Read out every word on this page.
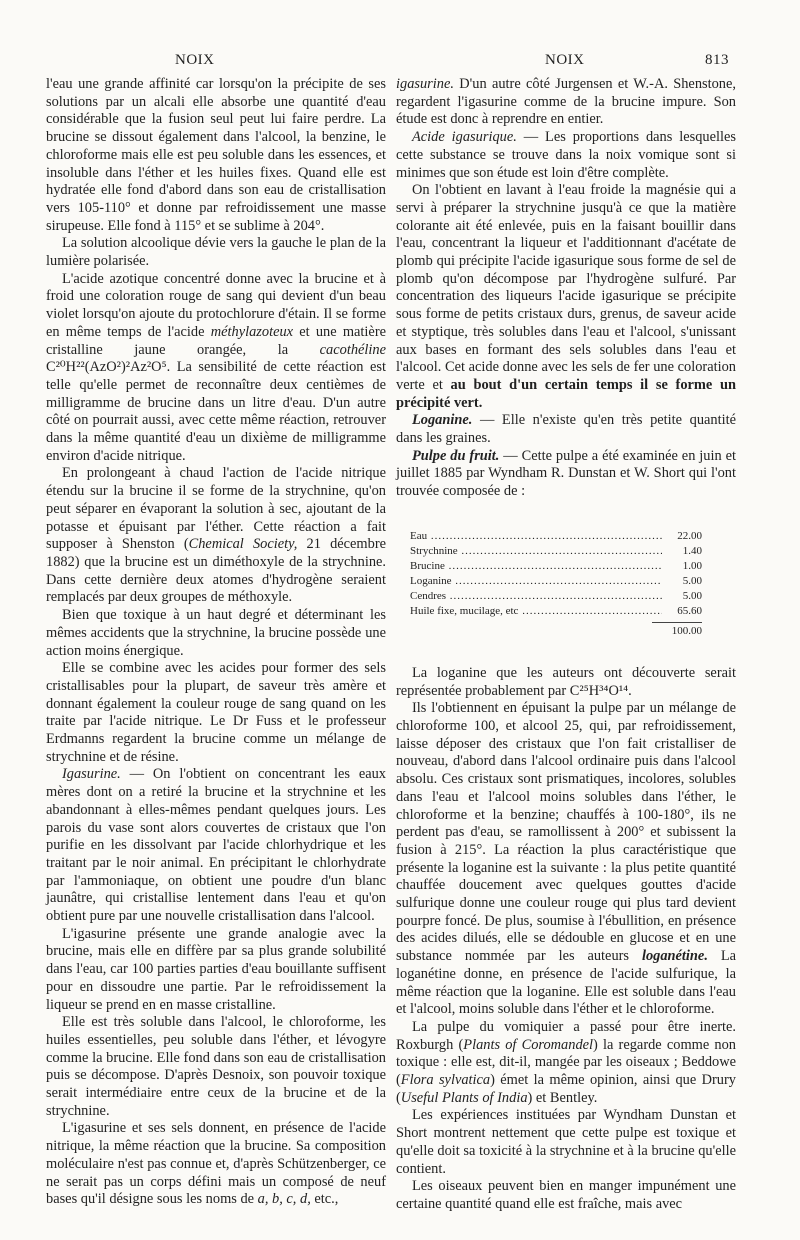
NOIX	NOIX	813

l'eau une grande affinité car lorsqu'on la précipite de ses solutions par un alcali elle absorbe une quantité d'eau considérable que la fusion seul peut lui faire perdre. La brucine se dissout également dans l'alcool, la benzine, le chloroforme mais elle est peu soluble dans les essences, et insoluble dans l'éther et les huiles fixes. Quand elle est hydratée elle fond d'abord dans son eau de cristallisation vers 105-110° et donne par refroidissement une masse sirupeuse. Elle fond à 115° et se sublime à 204°.

La solution alcoolique dévie vers la gauche le plan de la lumière polarisée.

L'acide azotique concentré donne avec la brucine et à froid une coloration rouge de sang qui devient d'un beau violet lorsqu'on ajoute du protochlorure d'étain. Il se forme en même temps de l'acide méthylazoteux et une matière cristalline jaune orangée, la cacothéline C²⁰H²²(AzO²)²Az²O⁵. La sensibilité de cette réaction est telle qu'elle permet de reconnaître deux centièmes de milligramme de brucine dans un litre d'eau. D'un autre côté on pourrait aussi, avec cette même réaction, retrouver dans la même quantité d'eau un dixième de milligramme environ d'acide nitrique.

En prolongeant à chaud l'action de l'acide nitrique étendu sur la brucine il se forme de la strychnine, qu'on peut séparer en évaporant la solution à sec, ajoutant de la potasse et épuisant par l'éther. Cette réaction a fait supposer à Shenston (Chemical Society, 21 décembre 1882) que la brucine est un diméthoxyle de la strychnine. Dans cette dernière deux atomes d'hydrogène seraient remplacés par deux groupes de méthoxyle.

Bien que toxique à un haut degré et déterminant les mêmes accidents que la strychnine, la brucine possède une action moins énergique.

Elle se combine avec les acides pour former des sels cristallisables pour la plupart, de saveur très amère et donnant également la couleur rouge de sang quand on les traite par l'acide nitrique. Le Dr Fuss et le professeur Erdmanns regardent la brucine comme un mélange de strychnine et de résine.

Igasurine. — On l'obtient on concentrant les eaux mères dont on a retiré la brucine et la strychnine et les abandonnant à elles-mêmes pendant quelques jours. Les parois du vase sont alors couvertes de cristaux que l'on purifie en les dissolvant par l'acide chlorhydrique et les traitant par le noir animal. En précipitant le chlorhydrate par l'ammoniaque, on obtient une poudre d'un blanc jaunâtre, qui cristallise lentement dans l'eau et qu'on obtient pure par une nouvelle cristallisation dans l'alcool.

L'igasurine présente une grande analogie avec la brucine, mais elle en diffère par sa plus grande solubilité dans l'eau, car 100 parties parties d'eau bouillante suffisent pour en dissoudre une partie. Par le refroidissement la liqueur se prend en en masse cristalline.

Elle est très soluble dans l'alcool, le chloroforme, les huiles essentielles, peu soluble dans l'éther, et lévogyre comme la brucine. Elle fond dans son eau de cristallisation puis se décompose. D'après Desnoix, son pouvoir toxique serait intermédiaire entre ceux de la brucine et de la strychnine.

L'igasurine et ses sels donnent, en présence de l'acide nitrique, la même réaction que la brucine. Sa composition moléculaire n'est pas connue et, d'après Schützenberger, ce ne serait pas un corps défini mais un composé de neuf bases qu'il désigne sous les noms de a, b, c, d, etc.,

igasurine. D'un autre côté Jurgensen et W.-A. Shenstone, regardent l'igasurine comme de la brucine impure. Son étude est donc à reprendre en entier.

Acide igasurique. — Les proportions dans lesquelles cette substance se trouve dans la noix vomique sont si minimes que son étude est loin d'être complète.

On l'obtient en lavant à l'eau froide la magnésie qui a servi à préparer la strychnine jusqu'à ce que la matière colorante ait été enlevée, puis en la faisant bouillir dans l'eau, concentrant la liqueur et l'additionnant d'acétate de plomb qui précipite l'acide igasurique sous forme de sel de plomb qu'on décompose par l'hydrogène sulfuré. Par concentration des liqueurs l'acide igasurique se précipite sous forme de petits cristaux durs, grenus, de saveur acide et styptique, très solubles dans l'eau et l'alcool, s'unissant aux bases en formant des sels solubles dans l'eau et l'alcool. Cet acide donne avec les sels de fer une coloration verte et au bout d'un certain temps il se forme un précipité vert.

Loganine. — Elle n'existe qu'en très petite quantité dans les graines.

Pulpe du fruit. — Cette pulpe a été examinée en juin et juillet 1885 par Wyndham R. Dunstan et W. Short qui l'ont trouvée composée de :

Eau .....	22.00
Strychnine .....	1.40
Brucine .....	1.00
Loganine .....	5.00
Cendres .....	5.00
Huile fixe, mucilage, etc .....	65.60
100.00

La loganine que les auteurs ont découverte serait représentée probablement par C²⁵H³⁴O¹⁴.

Ils l'obtiennent en épuisant la pulpe par un mélange de chloroforme 100, et alcool 25, qui, par refroidissement, laisse déposer des cristaux que l'on fait cristalliser de nouveau, d'abord dans l'alcool ordinaire puis dans l'alcool absolu. Ces cristaux sont prismatiques, incolores, solubles dans l'eau et l'alcool moins solubles dans l'éther, le chloroforme et la benzine; chauffés à 100-180°, ils ne perdent pas d'eau, se ramollissent à 200° et subissent la fusion à 215°. La réaction la plus caractéristique que présente la loganine est la suivante : la plus petite quantité chauffée doucement avec quelques gouttes d'acide sulfurique donne une couleur rouge qui plus tard devient pourpre foncé. De plus, soumise à l'ébullition, en présence des acides dilués, elle se dédouble en glucose et en une substance nommée par les auteurs loganétine. La loganétine donne, en présence de l'acide sulfurique, la même réaction que la loganine. Elle est soluble dans l'eau et l'alcool, moins soluble dans l'éther et le chloroforme.

La pulpe du vomiquier a passé pour être inerte. Roxburgh (Plants of Coromandel) la regarde comme non toxique : elle est, dit-il, mangée par les oiseaux ; Beddowe (Flora sylvatica) émet la même opinion, ainsi que Drury (Useful Plants of India) et Bentley.

Les expériences instituées par Wyndham Dunstan et Short montrent nettement que cette pulpe est toxique et qu'elle doit sa toxicité à la strychnine et à la brucine qu'elle contient.

Les oiseaux peuvent bien en manger impunément une certaine quantité quand elle est fraîche, mais avec
